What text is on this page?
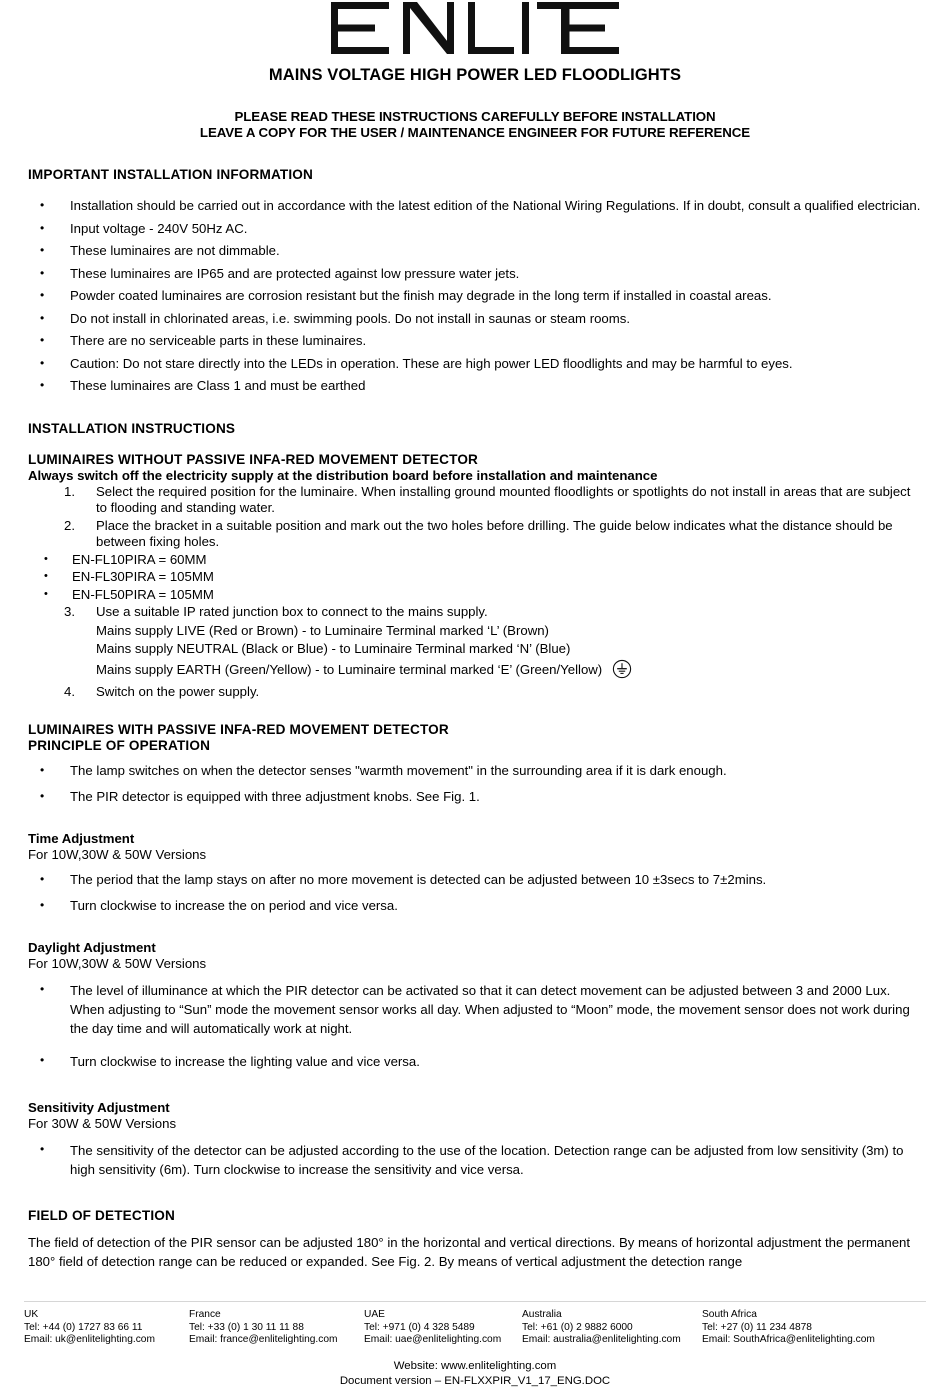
MAINS VOLTAGE HIGH POWER LED FLOODLIGHTS
PLEASE READ THESE INSTRUCTIONS CAREFULLY BEFORE INSTALLATION
LEAVE A COPY FOR THE USER / MAINTENANCE ENGINEER FOR FUTURE REFERENCE
IMPORTANT INSTALLATION INFORMATION
• Installation should be carried out in accordance with the latest edition of the National Wiring Regulations. If in doubt, consult a qualified electrician.
• Input voltage - 240V 50Hz AC.
• These luminaires are not dimmable.
• These luminaires are IP65 and are protected against low pressure water jets.
• Powder coated luminaires are corrosion resistant but the finish may degrade in the long term if installed in coastal areas.
• Do not install in chlorinated areas, i.e. swimming pools. Do not install in saunas or steam rooms.
• There are no serviceable parts in these luminaires.
• Caution: Do not stare directly into the LEDs in operation. These are high power LED floodlights and may be harmful to eyes.
• These luminaires are Class 1 and must be earthed
INSTALLATION INSTRUCTIONS
LUMINAIRES WITHOUT PASSIVE INFA-RED MOVEMENT DETECTOR
Always switch off the electricity supply at the distribution board before installation and maintenance
Select the required position for the luminaire. When installing ground mounted floodlights or spotlights do not install in areas that are subject to flooding and standing water.
Place the bracket in a suitable position and mark out the two holes before drilling. The guide below indicates what the distance should be between fixing holes.
• EN-FL10PIRA = 60MM
• EN-FL30PIRA = 105MM
• EN-FL50PIRA = 105MM
Use a suitable IP rated junction box to connect to the mains supply.
Mains supply LIVE (Red or Brown) - to Luminaire Terminal marked ‘L’ (Brown)
Mains supply NEUTRAL (Black or Blue) - to Luminaire Terminal marked ‘N’ (Blue)
Mains supply EARTH (Green/Yellow) - to Luminaire terminal marked ‘E’ (Green/Yellow)
Switch on the power supply.
LUMINAIRES WITH PASSIVE INFA-RED MOVEMENT DETECTOR
PRINCIPLE OF OPERATION
• The lamp switches on when the detector senses "warmth movement" in the surrounding area if it is dark enough.
• The PIR detector is equipped with three adjustment knobs. See Fig. 1.
Time Adjustment
For 10W,30W & 50W Versions
• The period that the lamp stays on after no more movement is detected can be adjusted between 10 ±3secs to 7±2mins.
• Turn clockwise to increase the on period and vice versa.
Daylight Adjustment
For 10W,30W & 50W Versions
• The level of illuminance at which the PIR detector can be activated so that it can detect movement can be adjusted between 3 and 2000 Lux. When adjusting to “Sun” mode the movement sensor works all day. When adjusted to “Moon” mode, the movement sensor does not work during the day time and will automatically work at night.
• Turn clockwise to increase the lighting value and vice versa.
Sensitivity Adjustment
For 30W & 50W Versions
• The sensitivity of the detector can be adjusted according to the use of the location. Detection range can be adjusted from low sensitivity (3m) to high sensitivity (6m). Turn clockwise to increase the sensitivity and vice versa.
FIELD OF DETECTION
The field of detection of the PIR sensor can be adjusted 180° in the horizontal and vertical directions. By means of horizontal adjustment the permanent 180° field of detection range can be reduced or expanded. See Fig. 2. By means of vertical adjustment the detection range
UK
Tel: +44 (0) 1727 83 66 11
Email: uk@enlitelighting.com
France
Tel: +33 (0) 1 30 11 11 88
Email: france@enlitelighting.com
UAE
Tel: +971 (0) 4 328 5489
Email: uae@enlitelighting.com
Australia
Tel: +61 (0) 2 9882 6000
Email: australia@enlitelighting.com
South Africa
Tel: +27 (0) 11 234 4878
Email: SouthAfrica@enlitelighting.com
Website: www.enlitelighting.com
Document version – EN-FLXXPIR_V1_17_ENG.DOC
